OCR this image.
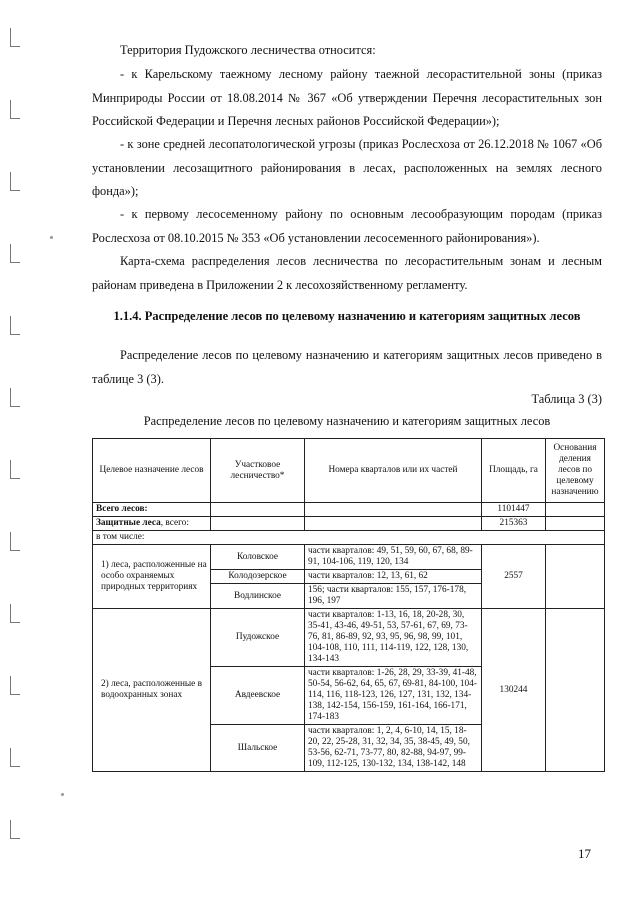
Территория Пудожского лесничества относится:

- к Карельскому таежному лесному району таежной лесорастительной зоны (приказ Минприроды России от 18.08.2014 № 367 «Об утверждении Перечня лесорастительных зон Российской Федерации и Перечня лесных районов Российской Федерации»);

- к зоне средней лесопатологической угрозы (приказ Рослесхоза от 26.12.2018 № 1067 «Об установлении лесозащитного районирования в лесах, расположенных на землях лесного фонда»);

- к первому лесосеменному району по основным лесообразующим породам (приказ Рослесхоза от 08.10.2015 № 353 «Об установлении лесосеменного районирования»).

Карта-схема распределения лесов лесничества по лесорастительным зонам и лесным районам приведена в Приложении 2 к лесохозяйственному регламенту.

1.1.4. Распределение лесов по целевому назначению и категориям защитных лесов

Распределение лесов по целевому назначению и категориям защитных лесов приведено в таблице 3 (3).

Таблица 3 (3)
Распределение лесов по целевому назначению и категориям защитных лесов
Целевое назначение лесов	Участковое лесничество*	Номера кварталов или их частей	Площадь, га	Основания деления лесов по целевому назначению
Всего лесов:			1101447	
Защитные леса, всего:			215363	
в том числе:				
1) леса, расположенные на особо охраняемых природных территориях	Коловское	части кварталов: 49, 51, 59, 60, 67, 68, 89-91, 104-106, 119, 120, 134	2557	
	Колодозерское	части кварталов: 12, 13, 61, 62		
	Водлинское	156; части кварталов: 155, 157, 176-178, 196, 197		
2) леса, расположенные в водоохранных зонах	Пудожское	части кварталов: 1-13, 16, 18, 20-28, 30, 35-41, 43-46, 49-51, 53, 57-61, 67, 69, 73-76, 81, 86-89, 92, 93, 95, 96, 98, 99, 101, 104-108, 110, 111, 114-119, 122, 128, 130, 134-143	130244	
	Авдеевское	части кварталов: 1-26, 28, 29, 33-39, 41-48, 50-54, 56-62, 64, 65, 67, 69-81, 84-100, 104-114, 116, 118-123, 126, 127, 131, 132, 134-138, 142-154, 156-159, 161-164, 166-171, 174-183		
	Шальское	части кварталов: 1, 2, 4, 6-10, 14, 15, 18-20, 22, 25-28, 31, 32, 34, 35, 38-45, 49, 50, 53-56, 62-71, 73-77, 80, 82-88, 94-97, 99-109, 112-125, 130-132, 134, 138-142, 148		
17
